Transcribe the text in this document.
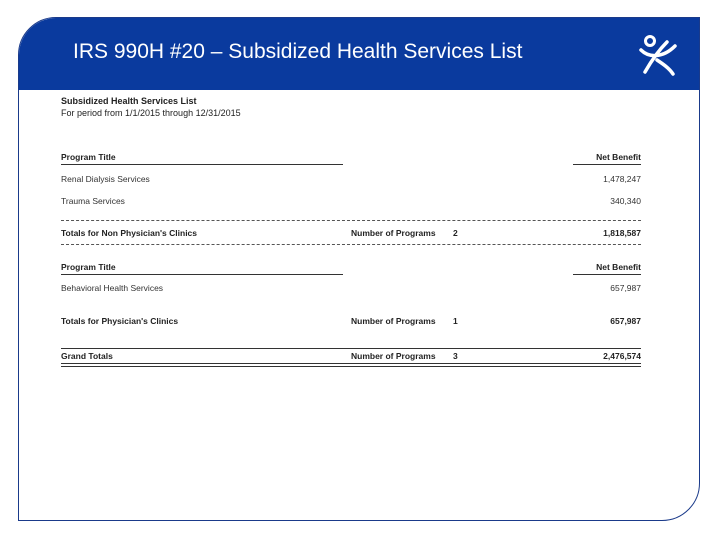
IRS 990H #20 – Subsidized Health Services List
Subsidized Health Services List
For period from 1/1/2015 through 12/31/2015
Program Title	Net Benefit
Renal Dialysis Services	1,478,247
Trauma Services	340,340
Totals for Non Physician's Clinics	Number of Programs 2	1,818,587
Program Title	Net Benefit
Behavioral Health Services	657,987
Totals for Physician's Clinics	Number of Programs 1	657,987
Grand Totals	Number of Programs 3	2,476,574
